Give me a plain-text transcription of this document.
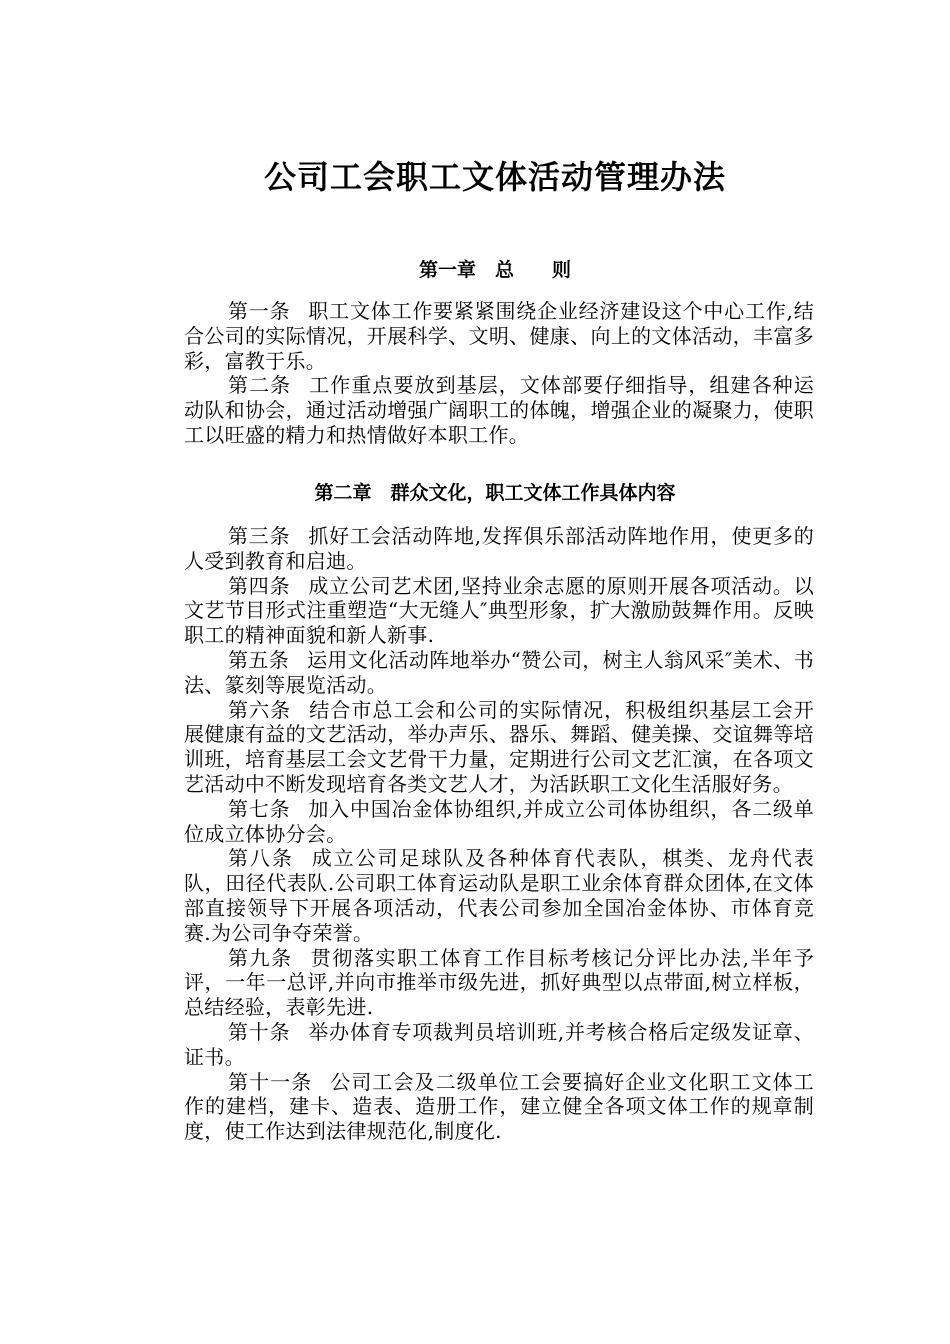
公司工会职工文体活动管理办法
第一章　总　　则

第一条 职工文体工作要紧紧围绕企业经济建设这个中心工作,结合公司的实际情况，开展科学、文明、健康、向上的文体活动，丰富多彩，富教于乐。

第二条 工作重点要放到基层，文体部要仔细指导，组建各种运动队和协会，通过活动增强广阔职工的体魄，增强企业的凝聚力，使职工以旺盛的精力和热情做好本职工作。

第二章　群众文化，职工文体工作具体内容

第三条 抓好工会活动阵地,发挥俱乐部活动阵地作用，使更多的人受到教育和启迪。

第四条 成立公司艺术团,坚持业余志愿的原则开展各项活动。以文艺节目形式注重塑造“大无缝人″典型形象，扩大激励鼓舞作用。反映职工的精神面貌和新人新事.

第五条 运用文化活动阵地举办“赞公司，树主人翁风采″美术、书法、篆刻等展览活动。

第六条 结合市总工会和公司的实际情况，积极组织基层工会开展健康有益的文艺活动，举办声乐、器乐、舞蹈、健美操、交谊舞等培训班，培育基层工会文艺骨干力量，定期进行公司文艺汇演，在各项文艺活动中不断发现培育各类文艺人才，为活跃职工文化生活服好务。

第七条 加入中国冶金体协组织,并成立公司体协组织，各二级单位成立体协分会。

第八条 成立公司足球队及各种体育代表队，棋类、龙舟代表队，田径代表队.公司职工体育运动队是职工业余体育群众团体,在文体部直接领导下开展各项活动，代表公司参加全国冶金体协、市体育竞赛.为公司争夺荣誉。

第九条 贯彻落实职工体育工作目标考核记分评比办法,半年予评，一年一总评,并向市推举市级先进，抓好典型以点带面,树立样板，总结经验，表彰先进.

第十条 举办体育专项裁判员培训班,并考核合格后定级发证章、证书。

第十一条 公司工会及二级单位工会要搞好企业文化职工文体工作的建档，建卡、造表、造册工作，建立健全各项文体工作的规章制度，使工作达到法律规范化,制度化.
